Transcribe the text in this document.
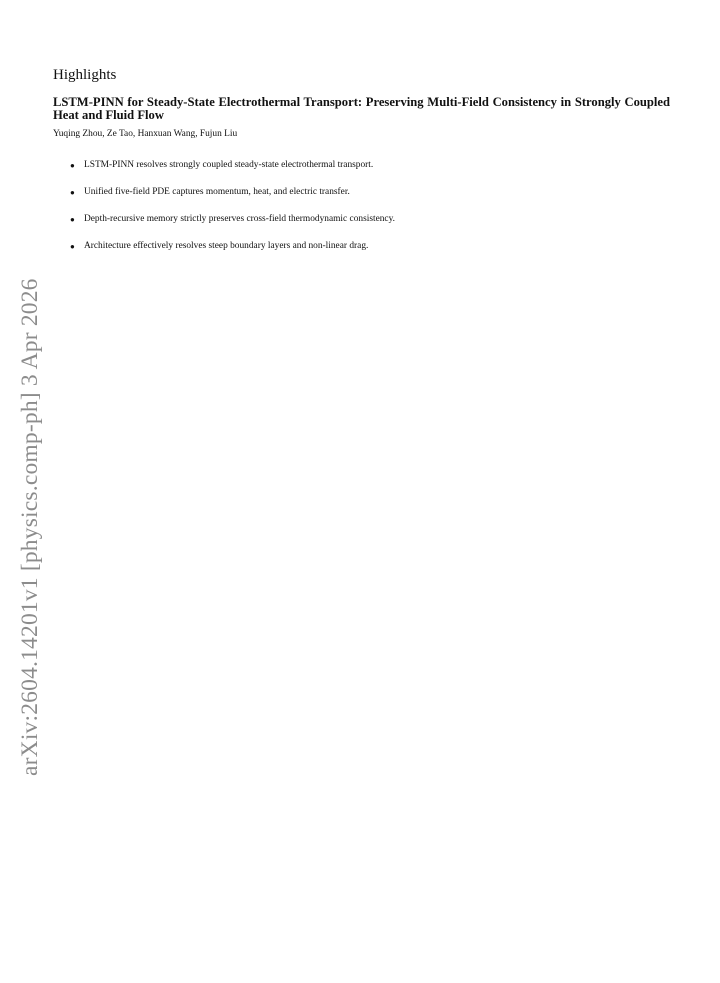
arXiv:2604.14201v1 [physics.comp-ph] 3 Apr 2026
Highlights

LSTM-PINN for Steady-State Electrothermal Transport: Preserving Multi-Field Consistency in Strongly Coupled Heat and Fluid Flow

Yuqing Zhou, Ze Tao, Hanxuan Wang, Fujun Liu

● LSTM-PINN resolves strongly coupled steady-state electrothermal transport.
● Unified five-field PDE captures momentum, heat, and electric transfer.
● Depth-recursive memory strictly preserves cross-field thermodynamic consistency.
● Architecture effectively resolves steep boundary layers and non-linear drag.
